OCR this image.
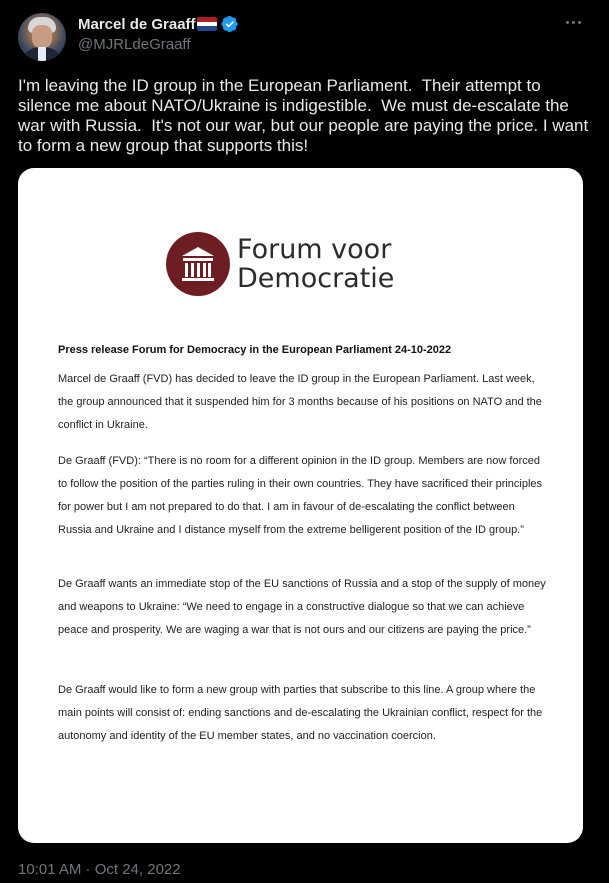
Marcel de Graaff
@MJRLdeGraaff
I'm leaving the ID group in the European Parliament.  Their attempt to silence me about NATO/Ukraine is indigestible.  We must de-escalate the war with Russia.  It's not our war, but our people are paying the price. I want to form a new group that supports this!
Forum voor
Democratie
Press release Forum for Democracy in the European Parliament 24-10-2022
Marcel de Graaff (FVD) has decided to leave the ID group in the European Parliament. Last week, the group announced that it suspended him for 3 months because of his positions on NATO and the conflict in Ukraine.
De Graaff (FVD): “There is no room for a different opinion in the ID group. Members are now forced to follow the position of the parties ruling in their own countries. They have sacrificed their principles for power but I am not prepared to do that. I am in favour of de-escalating the conflict between Russia and Ukraine and I distance myself from the extreme belligerent position of the ID group.”
De Graaff wants an immediate stop of the EU sanctions of Russia and a stop of the supply of money and weapons to Ukraine: “We need to engage in a constructive dialogue so that we can achieve peace and prosperity. We are waging a war that is not ours and our citizens are paying the price.”
De Graaff would like to form a new group with parties that subscribe to this line. A group where the main points will consist of: ending sanctions and de-escalating the Ukrainian conflict, respect for the autonomy and identity of the EU member states, and no vaccination coercion.
10:01 AM · Oct 24, 2022
